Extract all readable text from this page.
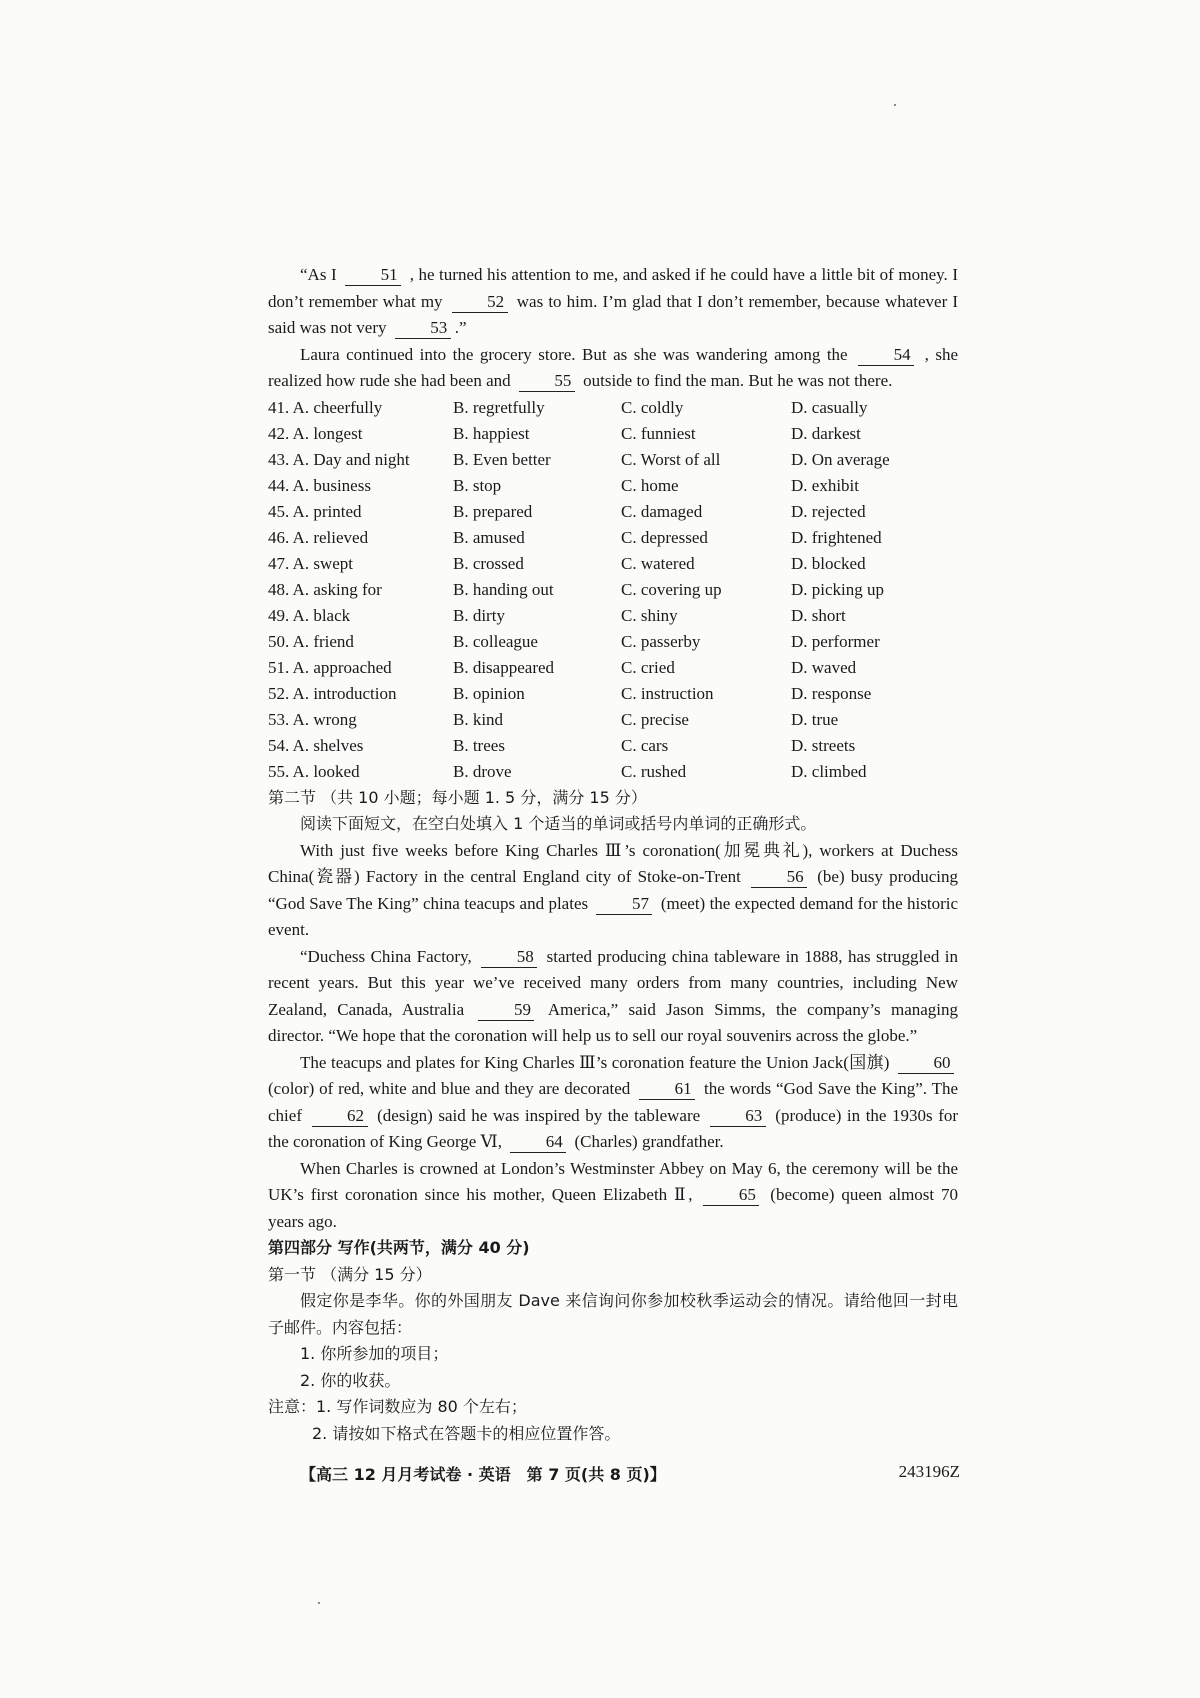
“As I	51 , he turned his attention to me, and asked if he could have a little bit of money. I don’t remember what my	52 was to him. I’m glad that I don’t remember, because whatever I said was not very	53 .”

Laura continued into the grocery store. But as she was wandering among the	54 , she realized how rude she had been and	55 outside to find the man. But he was not there.

41. A. cheerfully	B. regretfully	C. coldly	D. casually
42. A. longest	B. happiest	C. funniest	D. darkest
43. A. Day and night	B. Even better	C. Worst of all	D. On average
44. A. business	B. stop	C. home	D. exhibit
45. A. printed	B. prepared	C. damaged	D. rejected
46. A. relieved	B. amused	C. depressed	D. frightened
47. A. swept	B. crossed	C. watered	D. blocked
48. A. asking for	B. handing out	C. covering up	D. picking up
49. A. black	B. dirty	C. shiny	D. short
50. A. friend	B. colleague	C. passerby	D. performer
51. A. approached	B. disappeared	C. cried	D. waved
52. A. introduction	B. opinion	C. instruction	D. response
53. A. wrong	B. kind	C. precise	D. true
54. A. shelves	B. trees	C. cars	D. streets
55. A. looked	B. drove	C. rushed	D. climbed

第二节 （共 10 小题；每小题 1. 5 分，满分 15 分）

阅读下面短文，在空白处填入 1 个适当的单词或括号内单词的正确形式。

With just five weeks before King Charles Ⅲ’s coronation(加冕典礼), workers at Duchess China(瓷器) Factory in the central England city of Stoke-on-Trent	56 (be) busy producing “God Save The King” china teacups and plates	57 (meet) the expected demand for the historic event.

“Duchess China Factory,	58 started producing china tableware in 1888, has struggled in recent years. But this year we’ve received many orders from many countries, including New Zealand, Canada, Australia	59 America,” said Jason Simms, the company’s managing director. “We hope that the coronation will help us to sell our royal souvenirs across the globe.”

The teacups and plates for King Charles Ⅲ’s coronation feature the Union Jack(国旗)	60 (color) of red, white and blue and they are decorated	61 the words “God Save the King”. The chief	62 (design) said he was inspired by the tableware	63 (produce) in the 1930s for the coronation of King George Ⅵ,	64 (Charles) grandfather.

When Charles is crowned at London’s Westminster Abbey on May 6, the ceremony will be the UK’s first coronation since his mother, Queen Elizabeth Ⅱ,	65 (become) queen almost 70 years ago.

第四部分 写作(共两节，满分 40 分)

第一节 （满分 15 分）

假定你是李华。你的外国朋友 Dave 来信询问你参加校秋季运动会的情况。请给他回一封电子邮件。内容包括：

1. 你所参加的项目；

2. 你的收获。

注意：1. 写作词数应为 80 个左右；

2. 请按如下格式在答题卡的相应位置作答。

【高三 12 月月考试卷 · 英语　第 7 页(共 8 页)】	243196Z
